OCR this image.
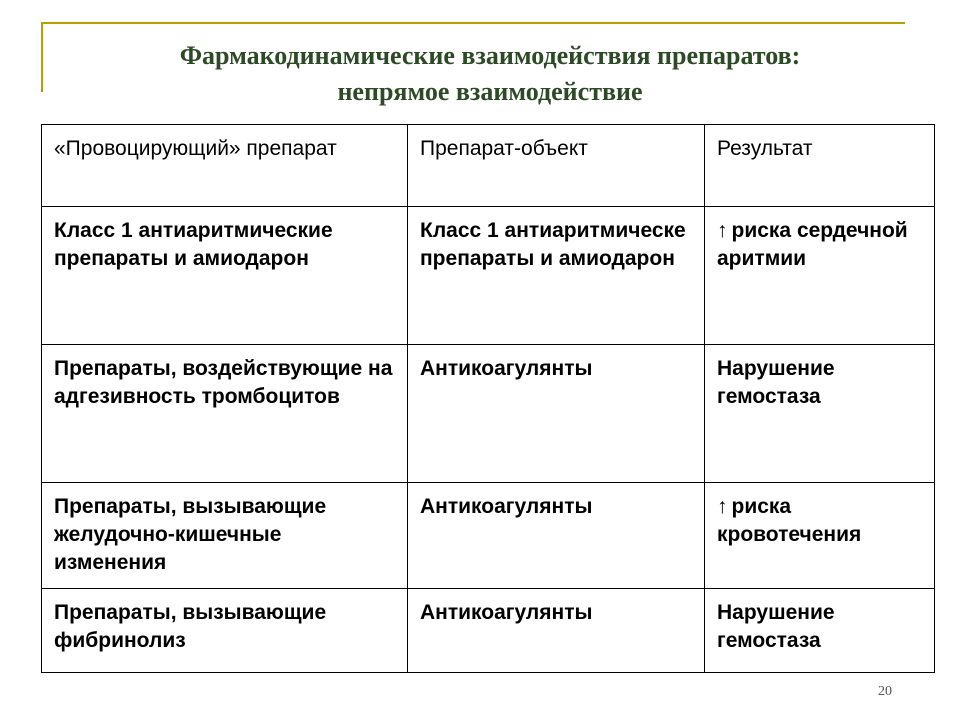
Фармакодинамические взаимодействия препаратов:
непрямое взаимодействие
«Провоцирующий» препарат	Препарат-объект	Результат
Класс 1 антиаритмические препараты и амиодарон	Класс 1 антиаритмическе препараты и амиодарон	↑ риска сердечной аритмии
Препараты, воздействующие на адгезивность тромбоцитов	Антикоагулянты	Нарушение гемостаза
Препараты, вызывающие желудочно-кишечные изменения	Антикоагулянты	↑ риска кровотечения
Препараты, вызывающие фибринолиз	Антикоагулянты	Нарушение гемостаза
20
